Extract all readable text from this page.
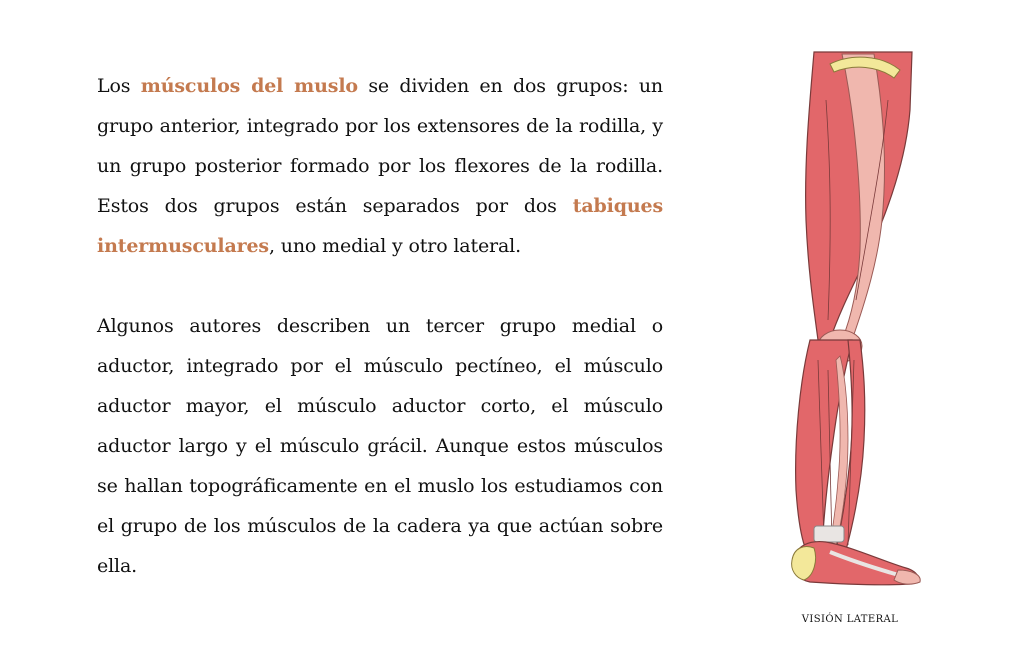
Los músculos del muslo se dividen en dos grupos: un grupo anterior, integrado por los extensores de la rodilla, y un grupo posterior formado por los flexores de la rodilla. Estos dos grupos están separados por dos tabiques intermusculares, uno medial y otro lateral.

Algunos autores describen un tercer grupo medial o aductor, integrado por el músculo pectíneo, el músculo aductor mayor, el músculo aductor corto, el músculo aductor largo y el músculo grácil. Aunque estos músculos se hallan topográficamente en el muslo los estudiamos con el grupo de los músculos de la cadera ya que actúan sobre ella.

VISIÓN LATERAL
